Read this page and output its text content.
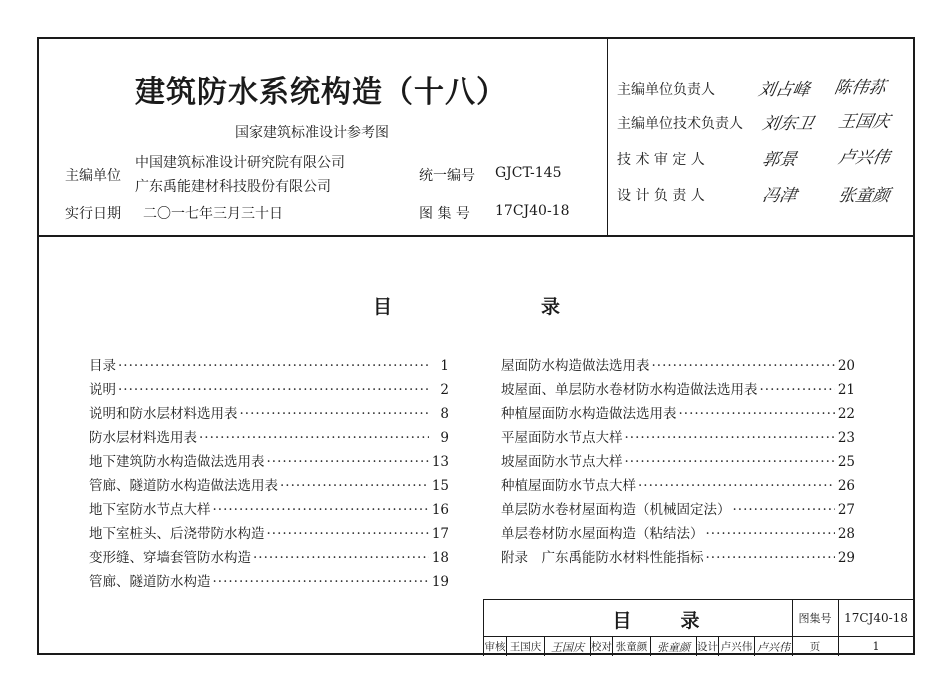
建筑防水系统构造（十八）
国家建筑标准设计参考图
主编单位
中国建筑标准设计研究院有限公司
广东禹能建材科技股份有限公司
实行日期 二〇一七年三月三十日
统一编号 GJCT-145
图 集 号 17CJ40-18
主编单位负责人 刘占峰 陈伟荪
主编单位技术负责人 刘东卫 王国庆
技 术 审 定 人	郭景 卢兴伟
设 计 负 责 人	冯津 张童颜
目	录
目录 ·····	1
说明 ·····	2
说明和防水层材料选用表 ·····	8
防水层材料选用表 ·····	9
地下建筑防水构造做法选用表 ·····	13
管廊、隧道防水构造做法选用表 ·····	15
地下室防水节点大样 ·····	16
地下室桩头、后浇带防水构造 ·····	17
变形缝、穿墙套管防水构造 ·····	18
管廊、隧道防水构造 ·····	19
屋面防水构造做法选用表 ·····	20
坡屋面、单层防水卷材防水构造做法选用表 ·····	21
种植屋面防水构造做法选用表 ·····	22
平屋面防水节点大样 ·····	23
坡屋面防水节点大样 ·····	25
种植屋面防水节点大样 ·····	26
单层防水卷材屋面构造（机械固定法） ·····	27
单层卷材防水屋面构造（粘结法） ·····	28
附录　广东禹能防水材料性能指标 ·····	29
目	录	图集号	17CJ40-18
审核 王国庆 王国庆 校对 张童颜 张童颜 设计 卢兴伟 卢兴伟	页	1
